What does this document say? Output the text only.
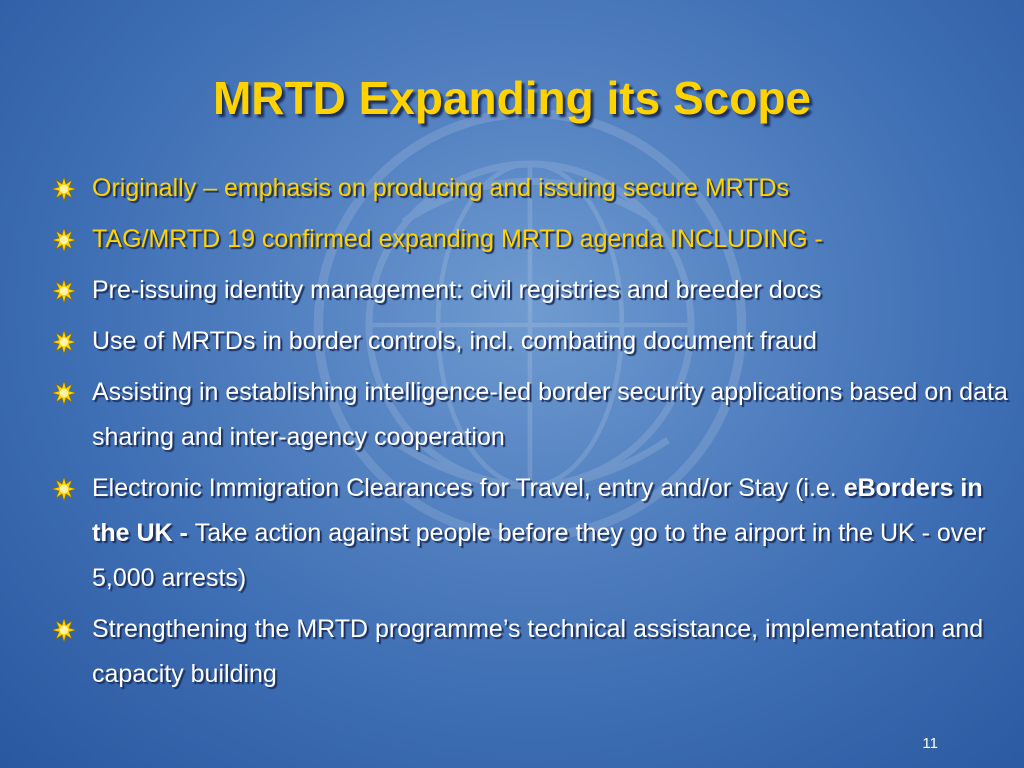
MRTD Expanding its Scope
Originally – emphasis on producing and issuing secure MRTDs
TAG/MRTD 19 confirmed expanding MRTD agenda INCLUDING -
Pre-issuing identity management: civil registries and breeder docs
Use of MRTDs in border controls, incl. combating document fraud
Assisting in establishing intelligence-led border security applications based on data sharing and inter-agency cooperation
Electronic Immigration Clearances for Travel, entry and/or Stay (i.e. eBorders in the UK - Take action against people before they go to the airport in the UK - over 5,000 arrests)
Strengthening the MRTD programme’s technical assistance, implementation and capacity building
11
